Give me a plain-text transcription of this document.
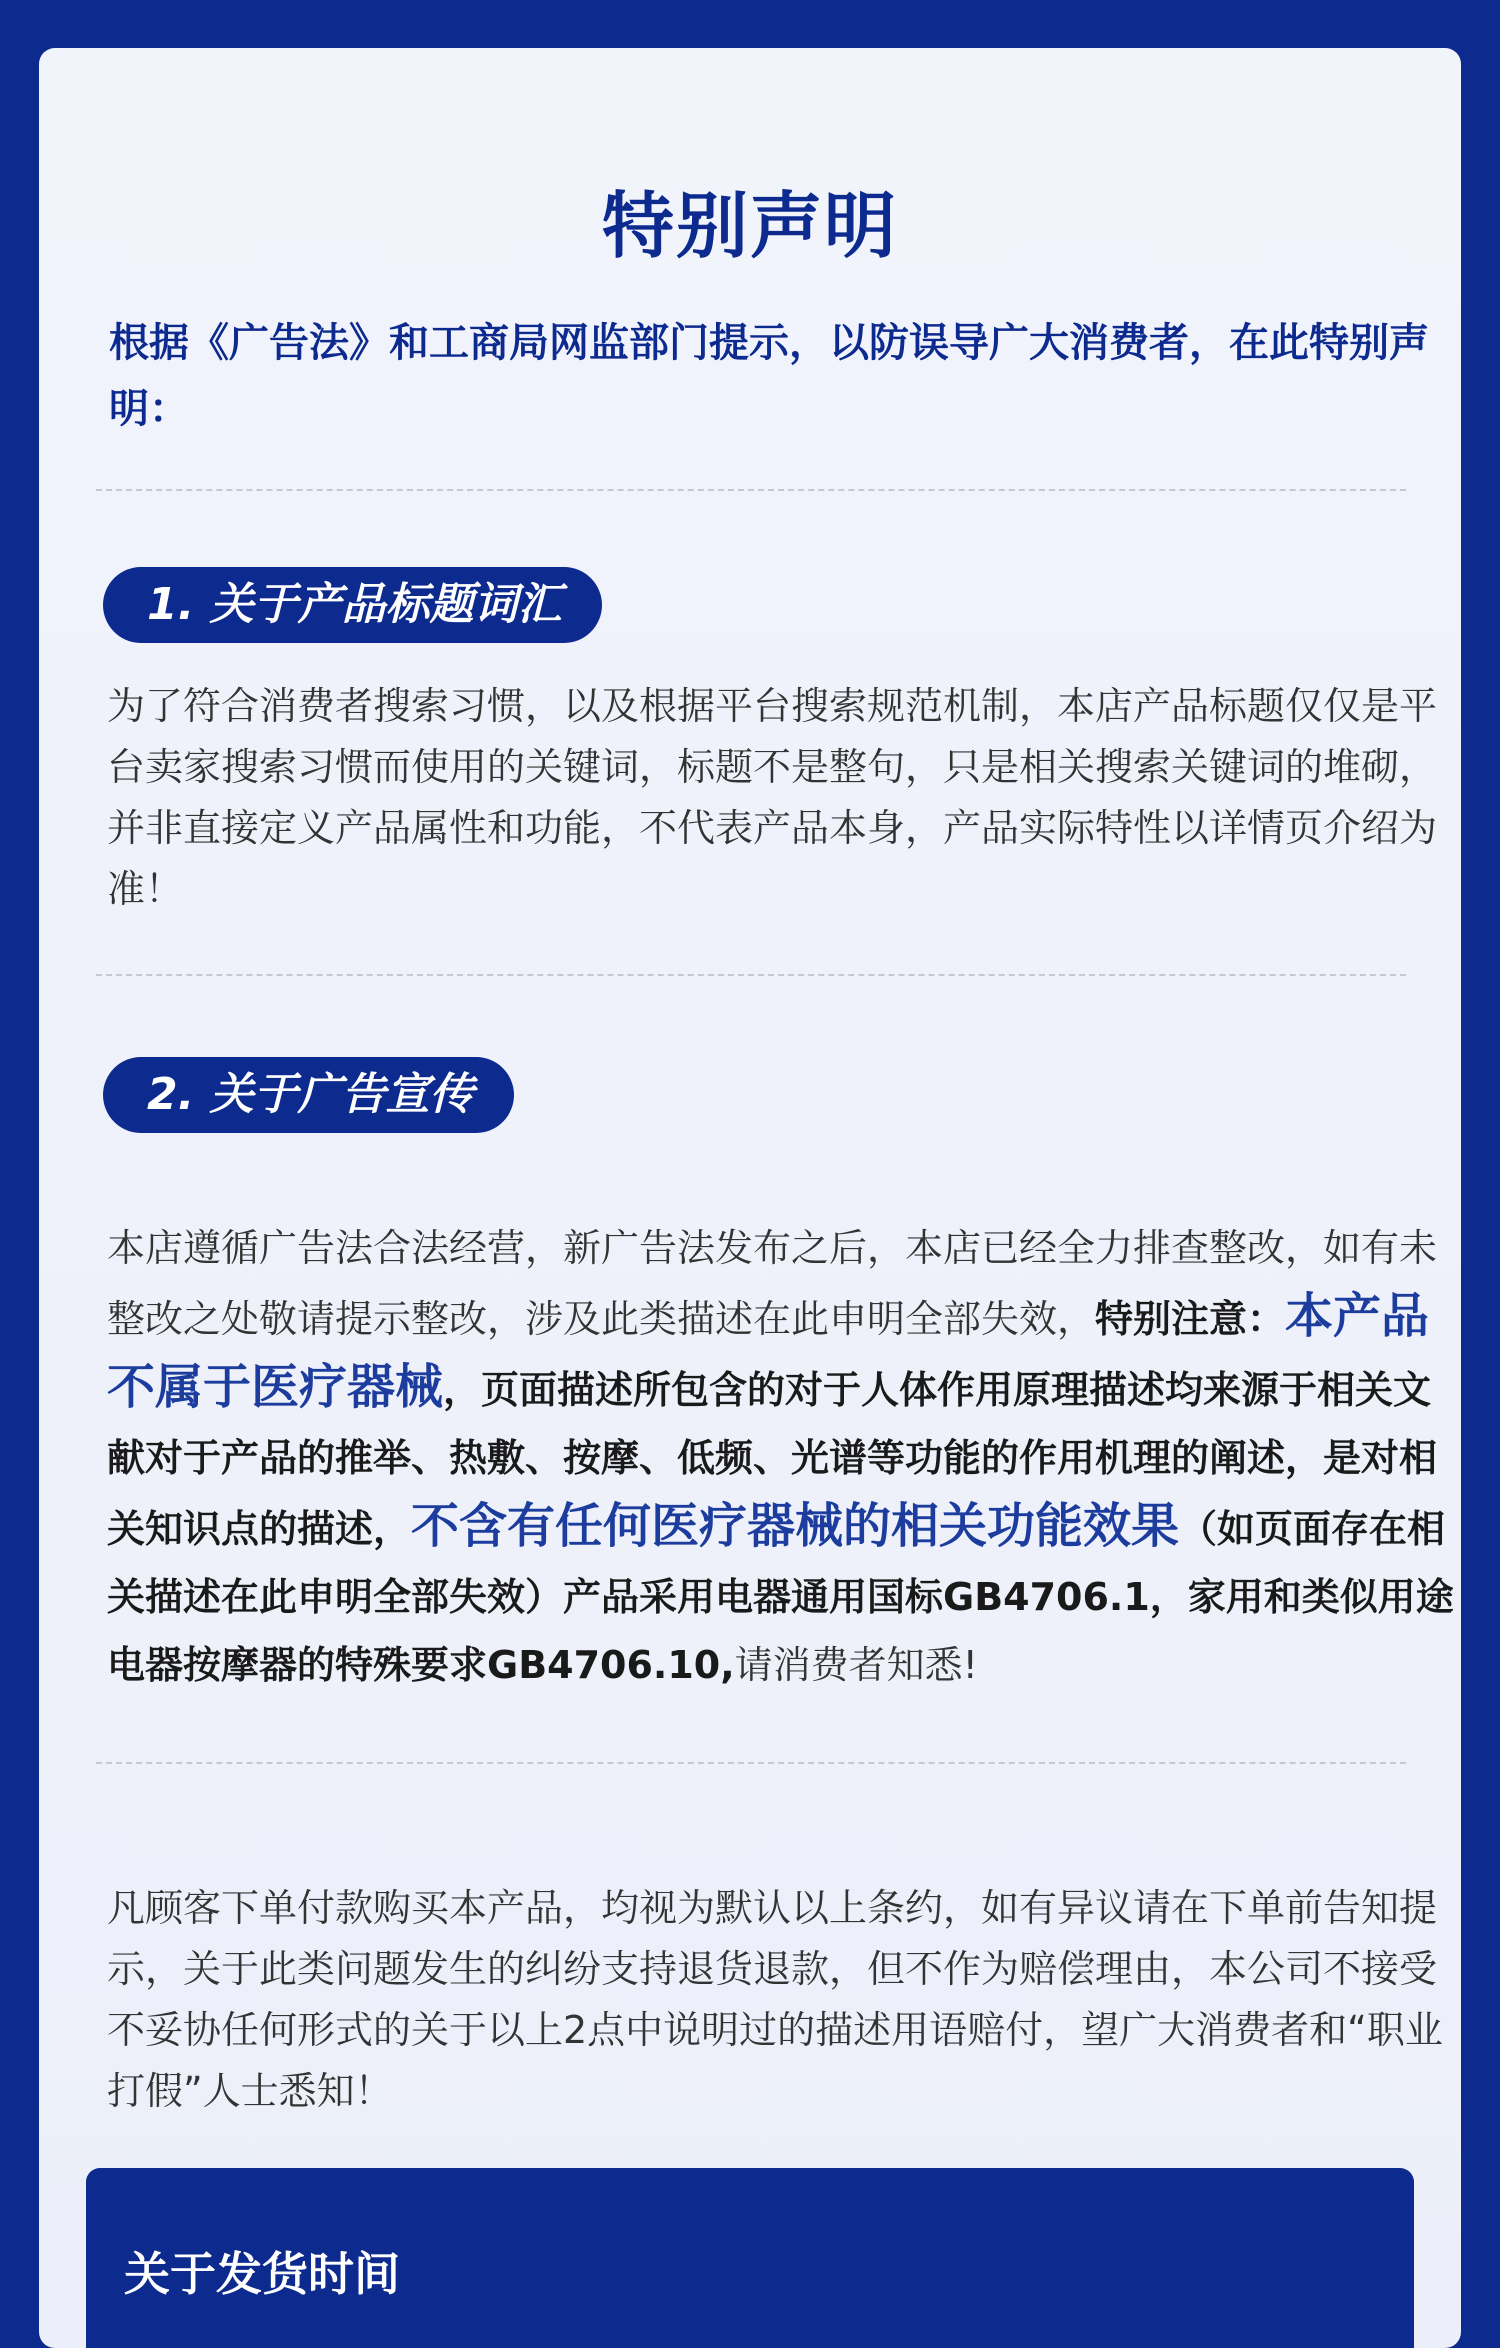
特别声明

根据《广告法》和工商局网监部门提示，以防误导广大消费者，在此特别声明：

1. 关于产品标题词汇

为了符合消费者搜索习惯，以及根据平台搜索规范机制，本店产品标题仅仅是平台卖家搜索习惯而使用的关键词，标题不是整句，只是相关搜索关键词的堆砌，并非直接定义产品属性和功能，不代表产品本身，产品实际特性以详情页介绍为准！

2. 关于广告宣传

本店遵循广告法合法经营，新广告法发布之后，本店已经全力排查整改，如有未整改之处敬请提示整改，涉及此类描述在此申明全部失效，特别注意：本产品不属于医疗器械，页面描述所包含的对于人体作用原理描述均来源于相关文献对于产品的推举、热敷、按摩、低频、光谱等功能的作用机理的阐述，是对相关知识点的描述，不含有任何医疗器械的相关功能效果（如页面存在相关描述在此申明全部失效）产品采用电器通用国标GB4706.1，家用和类似用途电器按摩器的特殊要求GB4706.10,请消费者知悉!

凡顾客下单付款购买本产品，均视为默认以上条约，如有异议请在下单前告知提示，关于此类问题发生的纠纷支持退货退款，但不作为赔偿理由，本公司不接受不妥协任何形式的关于以上2点中说明过的描述用语赔付，望广大消费者和“职业打假”人士悉知！

关于发货时间
